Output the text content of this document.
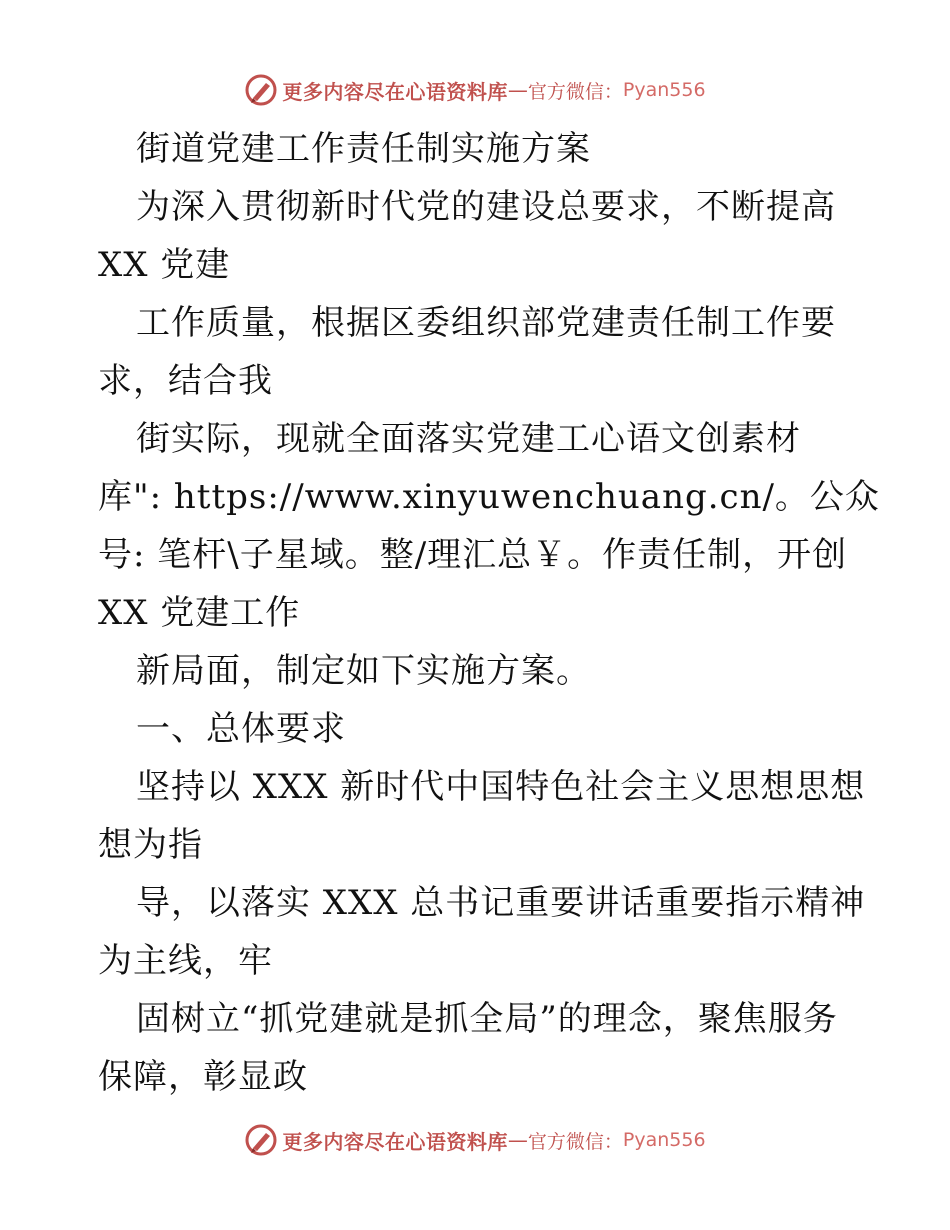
更多内容尽在心语资料库 — 官方微信： Pyan556
街道党建工作责任制实施方案
为深入贯彻新时代党的建设总要求，不断提高
XX 党建
工作质量，根据区委组织部党建责任制工作要
求，结合我
街实际，现就全面落实党建工心语文创素材
库": https://www.xinyuwenchuang.cn/。公众
号: 笔杆\子星域。整/理汇总￥。作责任制，开创
XX 党建工作
新局面，制定如下实施方案。
一、总体要求
坚持以 XXX 新时代中国特色社会主义思想思想
想为指
导，以落实 XXX 总书记重要讲话重要指示精神
为主线，牢
固树立“抓党建就是抓全局”的理念，聚焦服务
保障，彰显政
更多内容尽在心语资料库 — 官方微信： Pyan556
